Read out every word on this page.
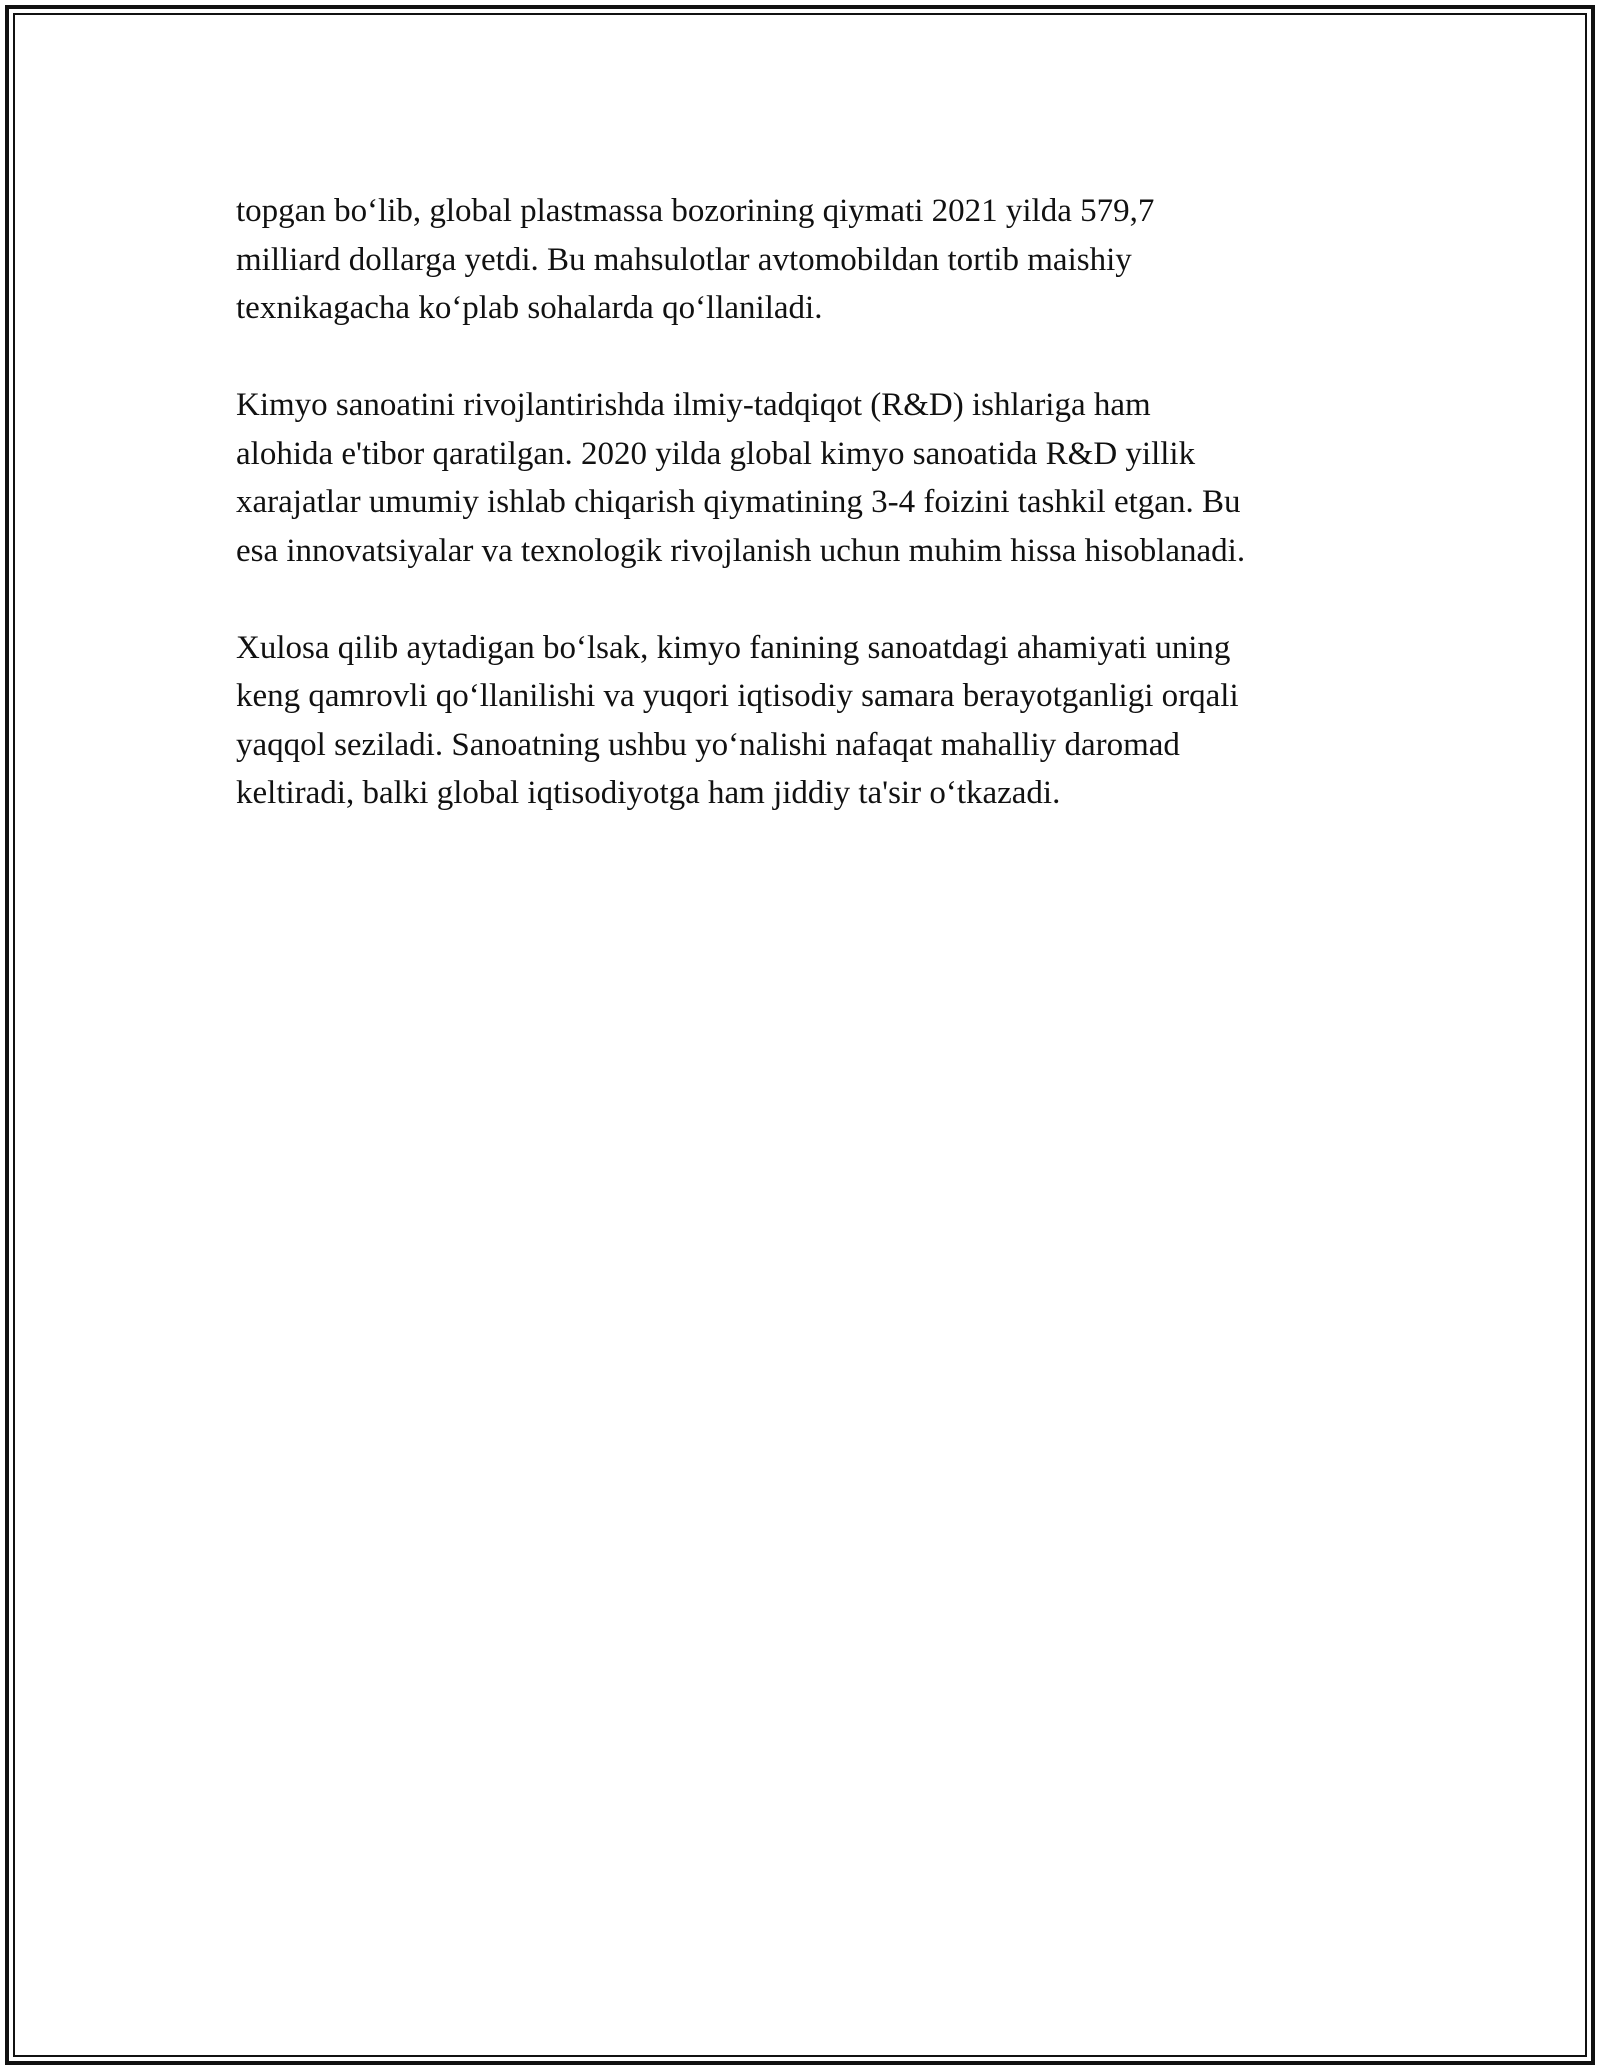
topgan bo‘lib, global plastmassa bozorining qiymati 2021 yilda 579,7
milliard dollarga yetdi. Bu mahsulotlar avtomobildan tortib maishiy
texnikagacha ko‘plab sohalarda qo‘llaniladi.

Kimyo sanoatini rivojlantirishda ilmiy-tadqiqot (R&D) ishlariga ham
alohida e'tibor qaratilgan. 2020 yilda global kimyo sanoatida R&D yillik
xarajatlar umumiy ishlab chiqarish qiymatining 3-4 foizini tashkil etgan. Bu
esa innovatsiyalar va texnologik rivojlanish uchun muhim hissa hisoblanadi.

Xulosa qilib aytadigan bo‘lsak, kimyo fanining sanoatdagi ahamiyati uning
keng qamrovli qo‘llanilishi va yuqori iqtisodiy samara berayotganligi orqali
yaqqol seziladi. Sanoatning ushbu yo‘nalishi nafaqat mahalliy daromad
keltiradi, balki global iqtisodiyotga ham jiddiy ta'sir o‘tkazadi.
